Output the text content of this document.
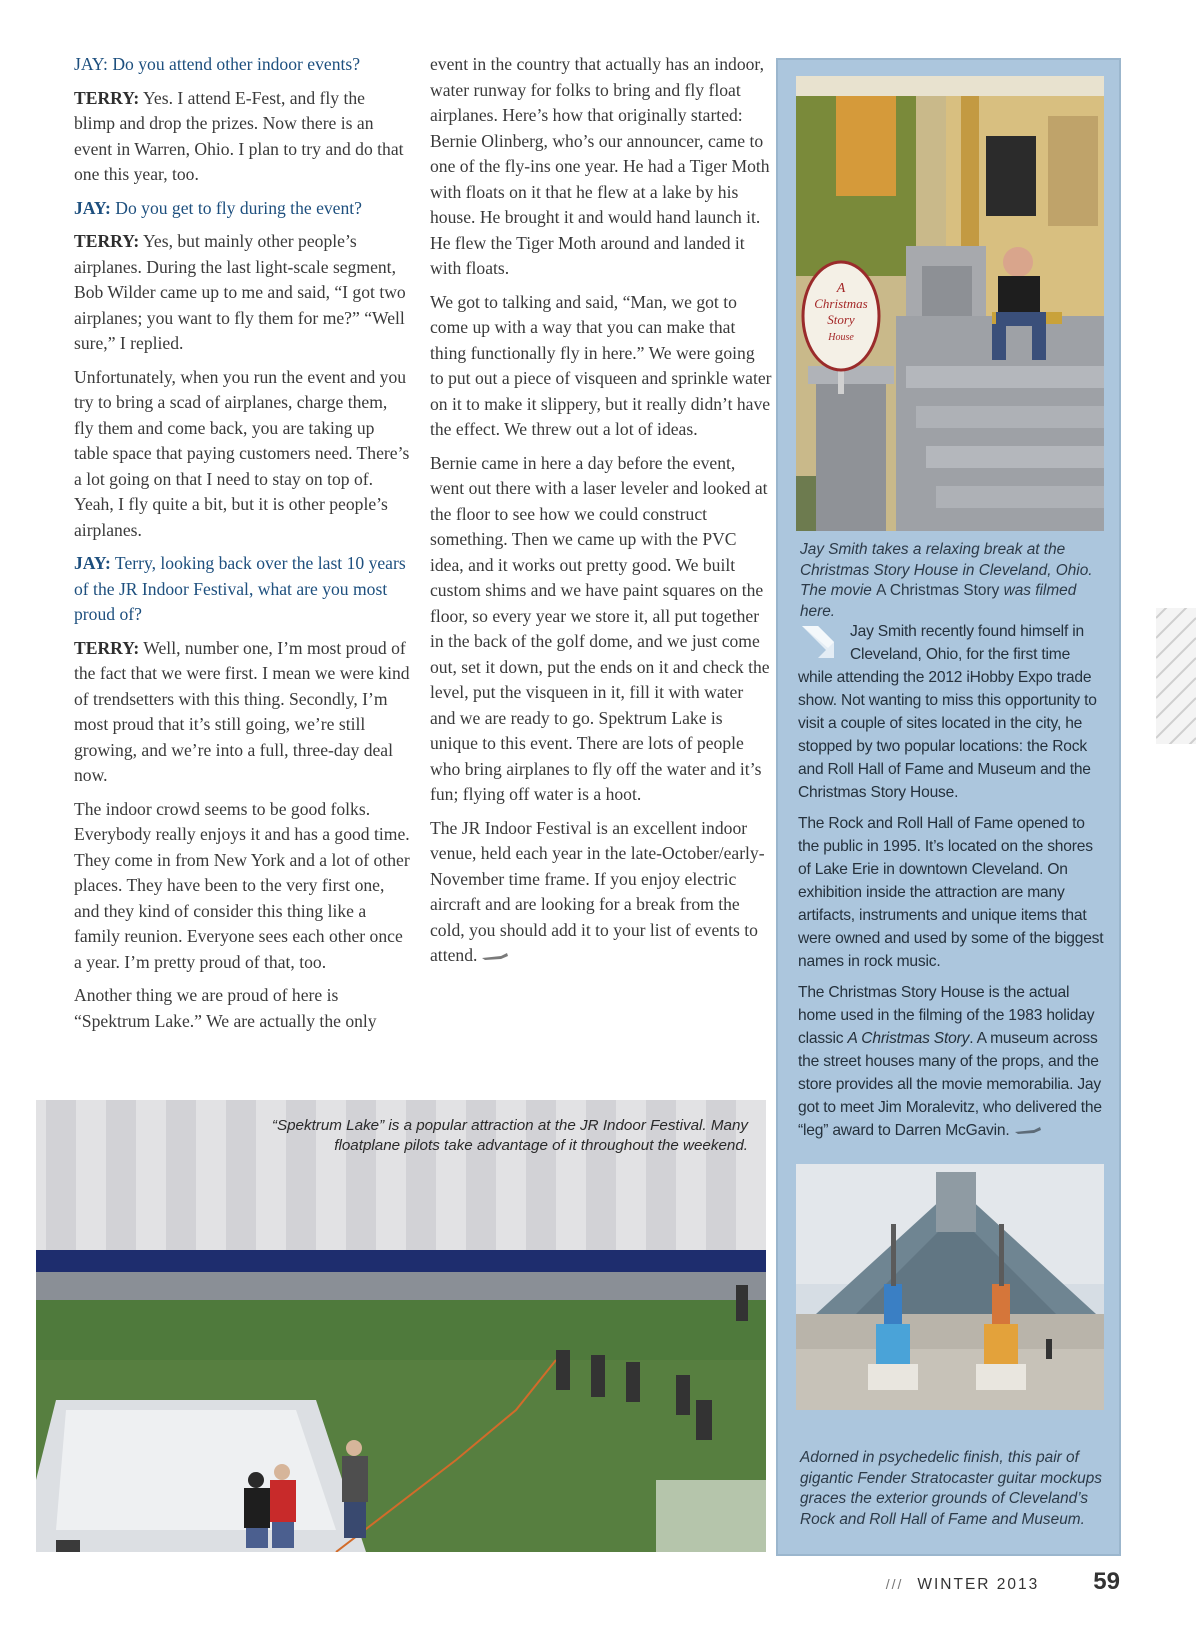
JAY: Do you attend other indoor events?

TERRY: Yes. I attend E-Fest, and fly the blimp and drop the prizes. Now there is an event in Warren, Ohio. I plan to try and do that one this year, too.

JAY: Do you get to fly during the event?

TERRY: Yes, but mainly other people’s airplanes. During the last light-scale segment, Bob Wilder came up to me and said, “I got two airplanes; you want to fly them for me?” “Well sure,” I replied.

Unfortunately, when you run the event and you try to bring a scad of airplanes, charge them, fly them and come back, you are taking up table space that paying customers need. There’s a lot going on that I need to stay on top of. Yeah, I fly quite a bit, but it is other people’s airplanes.

JAY: Terry, looking back over the last 10 years of the JR Indoor Festival, what are you most proud of?

TERRY: Well, number one, I’m most proud of the fact that we were first. I mean we were kind of trendsetters with this thing. Secondly, I’m most proud that it’s still going, we’re still growing, and we’re into a full, three-day deal now.

The indoor crowd seems to be good folks. Everybody really enjoys it and has a good time. They come in from New York and a lot of other places. They have been to the very first one, and they kind of consider this thing like a family reunion. Everyone sees each other once a year. I’m pretty proud of that, too.

Another thing we are proud of here is “Spektrum Lake.” We are actually the only

event in the country that actually has an indoor, water runway for folks to bring and fly float airplanes. Here’s how that originally started: Bernie Olinberg, who’s our announcer, came to one of the fly-ins one year. He had a Tiger Moth with floats on it that he flew at a lake by his house. He brought it and would hand launch it. He flew the Tiger Moth around and landed it with floats.

We got to talking and said, “Man, we got to come up with a way that you can make that thing functionally fly in here.” We were going to put out a piece of visqueen and sprinkle water on it to make it slippery, but it really didn’t have the effect. We threw out a lot of ideas.

Bernie came in here a day before the event, went out there with a laser leveler and looked at the floor to see how we could construct something. Then we came up with the PVC idea, and it works out pretty good. We built custom shims and we have paint squares on the floor, so every year we store it, all put together in the back of the golf dome, and we just come out, set it down, put the ends on it and check the level, put the visqueen in it, fill it with water and we are ready to go. Spektrum Lake is unique to this event. There are lots of people who bring airplanes to fly off the water and it’s fun; flying off water is a hoot.

The JR Indoor Festival is an excellent indoor venue, held each year in the late-October/early-November time frame. If you enjoy electric aircraft and are looking for a break from the cold, you should add it to your list of events to attend.

A
Christmas
Story
House
Jay Smith takes a relaxing break at the Christmas Story House in Cleveland, Ohio. The movie A Christmas Story was filmed here.

Jay Smith recently found himself in Cleveland, Ohio, for the first time while attending the 2012 iHobby Expo trade show. Not wanting to miss this opportunity to visit a couple of sites located in the city, he stopped by two popular locations: the Rock and Roll Hall of Fame and Museum and the Christmas Story House.

The Rock and Roll Hall of Fame opened to the public in 1995. It’s located on the shores of Lake Erie in downtown Cleveland. On exhibition inside the attraction are many artifacts, instruments and unique items that were owned and used by some of the biggest names in rock music.

The Christmas Story House is the actual home used in the filming of the 1983 holiday classic A Christmas Story. A museum across the street houses many of the props, and the store provides all the movie memorabilia. Jay got to meet Jim Moralevitz, who delivered the “leg” award to Darren McGavin.

Adorned in psychedelic finish, this pair of gigantic Fender Stratocaster guitar mockups graces the exterior grounds of Cleveland’s Rock and Roll Hall of Fame and Museum.
“Spektrum Lake” is a popular attraction at the JR Indoor Festival. Many floatplane pilots take advantage of it throughout the weekend.
/// WINTER 2013 59
